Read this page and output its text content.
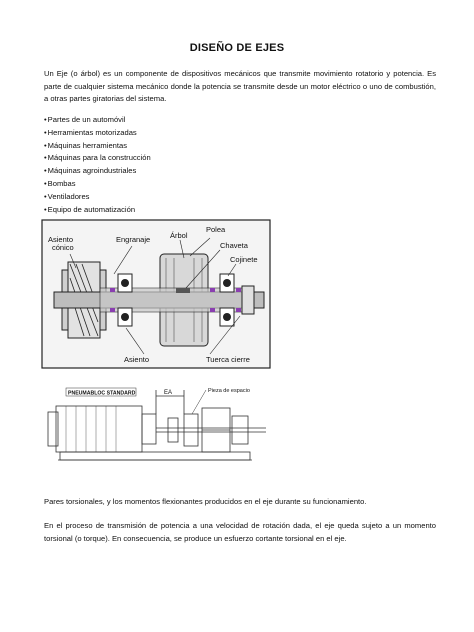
DISEÑO DE EJES
Un Eje (o árbol) es un componente de dispositivos mecánicos que transmite movimiento rotatorio y potencia. Es parte de cualquier sistema mecánico donde la potencia se transmite desde un motor eléctrico o uno de combustión, a otras partes giratorias del sistema.
• Partes de un automóvil
• Herramientas motorizadas
• Máquinas herramientas
• Máquinas para la construcción
• Máquinas agroindustriales
• Bombas
• Ventiladores
• Equipo de automatización
Asiento
cónico
Engranaje	Árbol
Polea
Chaveta
Cojinete
Asiento	Tuerca cierre
PNEUMABLOC STANDARD	EA	Pieza de espacio
Pares torsionales, y los momentos flexionantes producidos en el eje durante su funcionamiento.
En el proceso de transmisión de potencia a una velocidad de rotación dada, el eje queda sujeto a un momento torsional (o torque). En consecuencia, se produce un esfuerzo cortante torsional en el eje.
